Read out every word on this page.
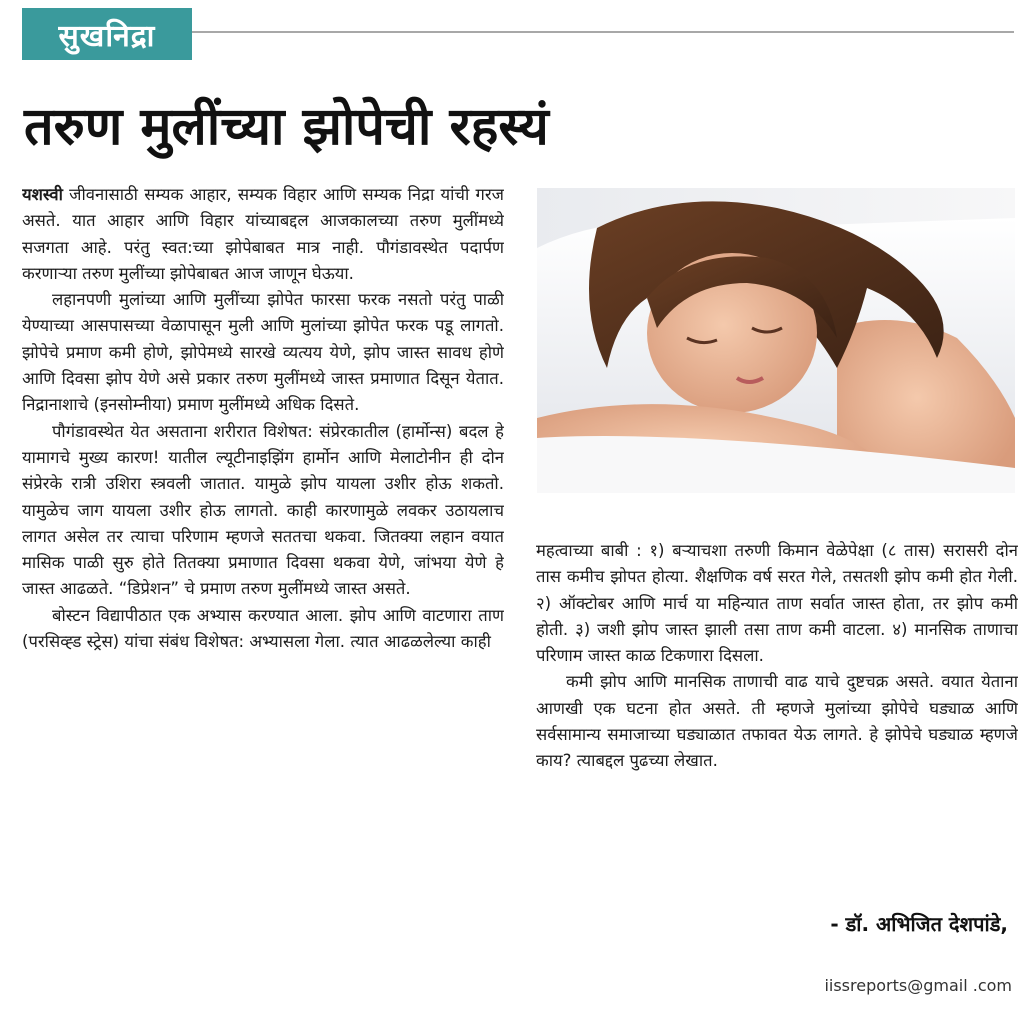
सुखनिद्रा
तरुण मुलींच्या झोपेची रहस्यं

यशस्वी जीवनासाठी सम्यक आहार, सम्यक विहार आणि सम्यक निद्रा यांची गरज असते. यात आहार आणि विहार यांच्याबद्दल आजकालच्या तरुण मुलींमध्ये सजगता आहे. परंतु स्वत:च्या झोपेबाबत मात्र नाही. पौगंडावस्थेत पदार्पण करणाऱ्या तरुण मुलींच्या झोपेबाबत आज जाणून घेऊया.

लहानपणी मुलांच्या आणि मुलींच्या झोपेत फारसा फरक नसतो परंतु पाळी येण्याच्या आसपासच्या वेळापासून मुली आणि मुलांच्या झोपेत फरक पडू लागतो. झोपेचे प्रमाण कमी होणे, झोपेमध्ये सारखे व्यत्यय येणे, झोप जास्त सावध होणे आणि दिवसा झोप येणे असे प्रकार तरुण मुलींमध्ये जास्त प्रमाणात दिसून येतात. निद्रानाशाचे (इनसोम्नीया) प्रमाण मुलींमध्ये अधिक दिसते.

पौगंडावस्थेत येत असताना शरीरात विशेषत: संप्रेरकातील (हार्मोन्स) बदल हे यामागचे मुख्य कारण! यातील ल्यूटीनाइझिंग हार्मोन आणि मेलाटोनीन ही दोन संप्रेरके रात्री उशिरा स्त्रवली जातात. यामुळे झोप यायला उशीर होऊ शकतो. यामुळेच जाग यायला उशीर होऊ लागतो. काही कारणामुळे लवकर उठायलाच लागत असेल तर त्याचा परिणाम म्हणजे सततचा थकवा. जितक्या लहान वयात मासिक पाळी सुरु होते तितक्या प्रमाणात दिवसा थकवा येणे, जांभया येणे हे जास्त आढळते. “डिप्रेशन” चे प्रमाण तरुण मुलींमध्ये जास्त असते.

बोस्टन विद्यापीठात एक अभ्यास करण्यात आला. झोप आणि वाटणारा ताण (परसिव्ह्ड स्ट्रेस) यांचा संबंध विशेषत: अभ्यासला गेला. त्यात आढळलेल्या काही

महत्वाच्या बाबी : १) बऱ्याचशा तरुणी किमान वेळेपेक्षा (८ तास) सरासरी दोन तास कमीच झोपत होत्या. शैक्षणिक वर्ष सरत गेले, तसतशी झोप कमी होत गेली. २) ऑक्टोबर आणि मार्च या महिन्यात ताण सर्वात जास्त होता, तर झोप कमी होती. ३) जशी झोप जास्त झाली तसा ताण कमी वाटला. ४) मानसिक ताणाचा परिणाम जास्त काळ टिकणारा दिसला.

कमी झोप आणि मानसिक ताणाची वाढ याचे दुष्टचक्र असते. वयात येताना आणखी एक घटना होत असते. ती म्हणजे मुलांच्या झोपेचे घड्याळ आणि सर्वसामान्य समाजाच्या घड्याळात तफावत येऊ लागते. हे झोपेचे घड्याळ म्हणजे काय? त्याबद्दल पुढच्या लेखात.

- डॉ. अभिजित देशपांडे,
iissreports@gmail .com
